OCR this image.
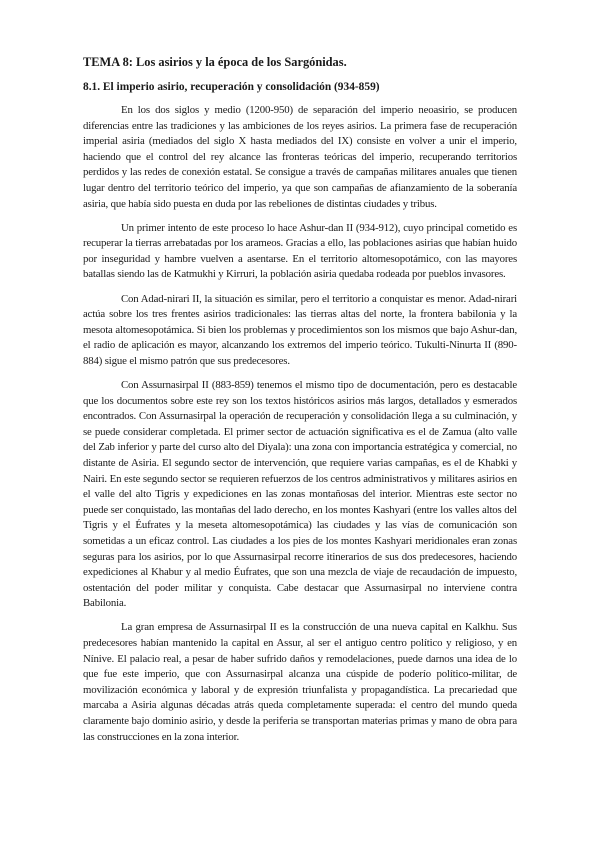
TEMA 8: Los asirios y la época de los Sargónidas.
8.1. El imperio asirio, recuperación y consolidación (934-859)

En los dos siglos y medio (1200-950) de separación del imperio neoasirio, se producen diferencias entre las tradiciones y las ambiciones de los reyes asirios. La primera fase de recuperación imperial asiria (mediados del siglo X hasta mediados del IX) consiste en volver a unir el imperio, haciendo que el control del rey alcance las fronteras teóricas del imperio, recuperando territorios perdidos y las redes de conexión estatal. Se consigue a través de campañas militares anuales que tienen lugar dentro del territorio teórico del imperio, ya que son campañas de afianzamiento de la soberanía asiria, que había sido puesta en duda por las rebeliones de distintas ciudades y tribus.

Un primer intento de este proceso lo hace Ashur-dan II (934-912), cuyo principal cometido es recuperar la tierras arrebatadas por los arameos. Gracias a ello, las poblaciones asirias que habían huido por inseguridad y hambre vuelven a asentarse. En el territorio altomesopotámico, con las mayores batallas siendo las de Katmukhi y Kirruri, la población asiria quedaba rodeada por pueblos invasores.

Con Adad-nirari II, la situación es similar, pero el territorio a conquistar es menor. Adad-nirari actúa sobre los tres frentes asirios tradicionales: las tierras altas del norte, la frontera babilonia y la mesota altomesopotámica. Si bien los problemas y procedimientos son los mismos que bajo Ashur-dan, el radio de aplicación es mayor, alcanzando los extremos del imperio teórico. Tukulti-Ninurta II (890-884) sigue el mismo patrón que sus predecesores.

Con Assurnasirpal II (883-859) tenemos el mismo tipo de documentación, pero es destacable que los documentos sobre este rey son los textos históricos asirios más largos, detallados y esmerados encontrados. Con Assurnasirpal la operación de recuperación y consolidación llega a su culminación, y se puede considerar completada. El primer sector de actuación significativa es el de Zamua (alto valle del Zab inferior y parte del curso alto del Diyala): una zona con importancia estratégica y comercial, no distante de Asiria. El segundo sector de intervención, que requiere varias campañas, es el de Khabki y Nairi. En este segundo sector se requieren refuerzos de los centros administrativos y militares asirios en el valle del alto Tigris y expediciones en las zonas montañosas del interior. Mientras este sector no puede ser conquistado, las montañas del lado derecho, en los montes Kashyari (entre los valles altos del Tigris y el Éufrates y la meseta altomesopotámica) las ciudades y las vías de comunicación son sometidas a un eficaz control. Las ciudades a los pies de los montes Kashyari meridionales eran zonas seguras para los asirios, por lo que Assurnasirpal recorre itinerarios de sus dos predecesores, haciendo expediciones al Khabur y al medio Éufrates, que son una mezcla de viaje de recaudación de impuesto, ostentación del poder militar y conquista. Cabe destacar que Assurnasirpal no interviene contra Babilonia.

La gran empresa de Assurnasirpal II es la construcción de una nueva capital en Kalkhu. Sus predecesores habían mantenido la capital en Assur, al ser el antiguo centro político y religioso, y en Nínive. El palacio real, a pesar de haber sufrido daños y remodelaciones, puede darnos una idea de lo que fue este imperio, que con Assurnasirpal alcanza una cúspide de poderío político-militar, de movilización económica y laboral y de expresión triunfalista y propagandística. La precariedad que marcaba a Asiria algunas décadas atrás queda completamente superada: el centro del mundo queda claramente bajo dominio asirio, y desde la periferia se transportan materias primas y mano de obra para las construcciones en la zona interior.
